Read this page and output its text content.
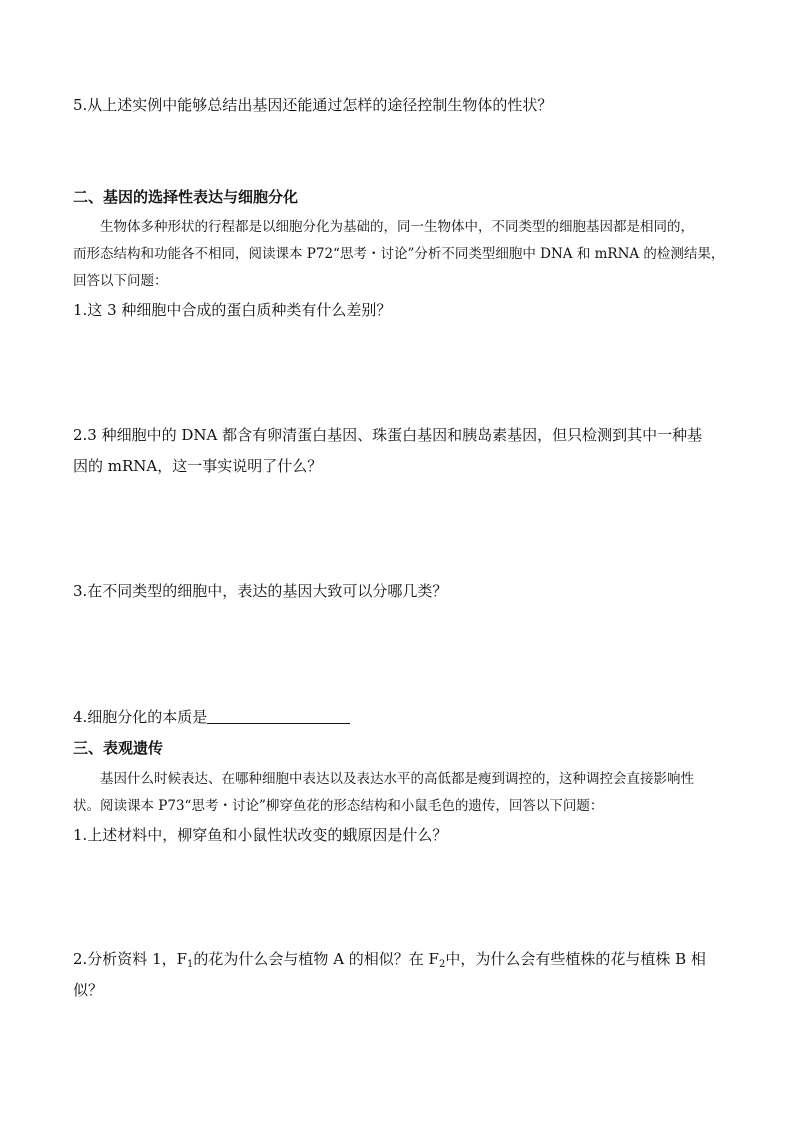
5.从上述实例中能够总结出基因还能通过怎样的途径控制生物体的性状？
二、基因的选择性表达与细胞分化
生物体多种形状的行程都是以细胞分化为基础的，同一生物体中，不同类型的细胞基因都是相同的，
而形态结构和功能各不相同，阅读课本 P72“思考・讨论”分析不同类型细胞中 DNA 和 mRNA 的检测结果，
回答以下问题：
1.这 3 种细胞中合成的蛋白质种类有什么差别？
2.3 种细胞中的 DNA 都含有卵清蛋白基因、珠蛋白基因和胰岛素基因，但只检测到其中一种基
因的 mRNA，这一事实说明了什么？
3.在不同类型的细胞中，表达的基因大致可以分哪几类？
4.细胞分化的本质是
三、表观遗传
基因什么时候表达、在哪种细胞中表达以及表达水平的高低都是瘦到调控的，这种调控会直接影响性
状。阅读课本 P73“思考・讨论”柳穿鱼花的形态结构和小鼠毛色的遗传，回答以下问题：
1.上述材料中，柳穿鱼和小鼠性状改变的蛾原因是什么？
2.分析资料 1，$F_1$的花为什么会与植物 A 的相似？在 $F_2$中，为什么会有些植株的花与植株 B 相
似？
